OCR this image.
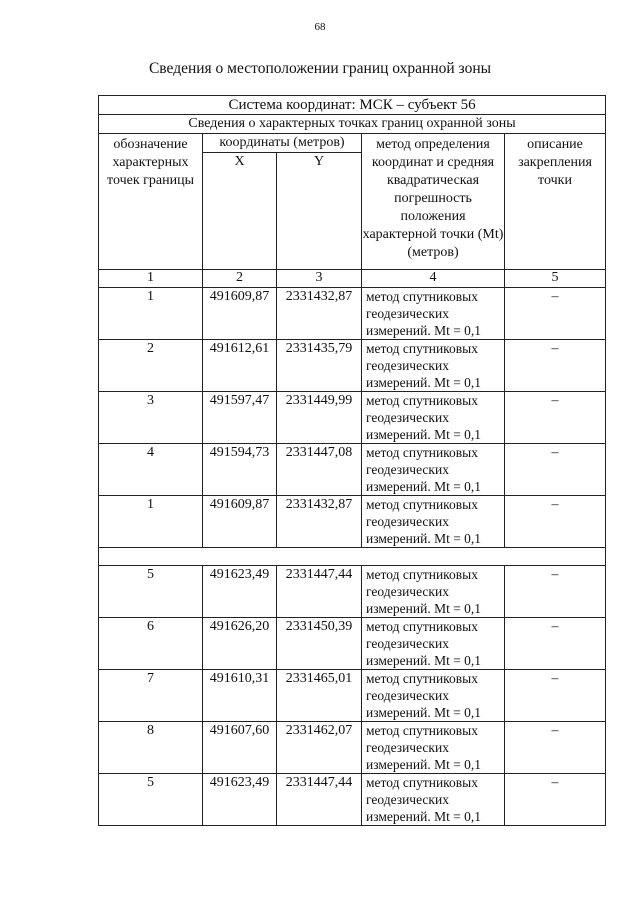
68
Сведения о местоположении границ охранной зоны
Система координат: МСК – субъект 56				
Сведения о характерных точках границ охранной зоны				

обозначение характерных точек границы	координаты (метров)		метод определения координат и средняя квадратическая погрешность положения характерной точки (Mt) (метров)	описание закрепления точки

	X	Y		
1	2	3	4	5
1	491609,87	2331432,87	метод спутниковых геодезических измерений. Mt = 0,1	–
2	491612,61	2331435,79	метод спутниковых геодезических измерений. Mt = 0,1	–
3	491597,47	2331449,99	метод спутниковых геодезических измерений. Mt = 0,1	–
4	491594,73	2331447,08	метод спутниковых геодезических измерений. Mt = 0,1	–
1	491609,87	2331432,87	метод спутниковых геодезических измерений. Mt = 0,1	–

5	491623,49	2331447,44	метод спутниковых геодезических измерений. Mt = 0,1	–
6	491626,20	2331450,39	метод спутниковых геодезических измерений. Mt = 0,1	–
7	491610,31	2331465,01	метод спутниковых геодезических измерений. Mt = 0,1	–
8	491607,60	2331462,07	метод спутниковых геодезических измерений. Mt = 0,1	–
5	491623,49	2331447,44	метод спутниковых геодезических измерений. Mt = 0,1	–
